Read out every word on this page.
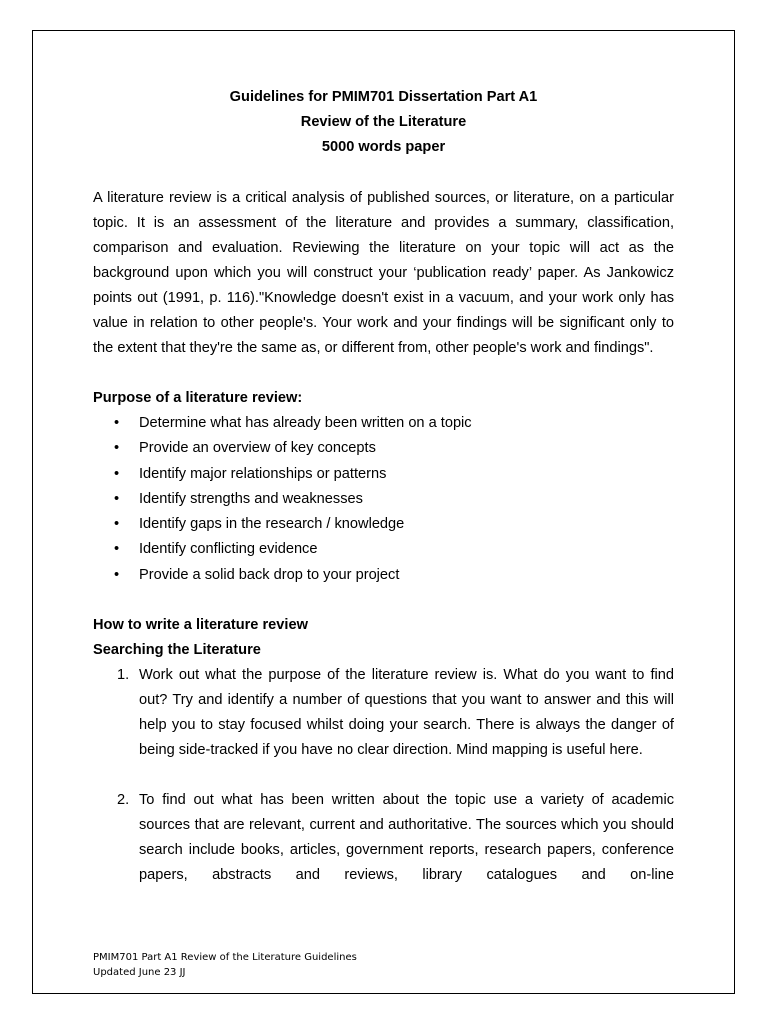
Guidelines for PMIM701 Dissertation Part A1
Review of the Literature
5000 words paper

A literature review is a critical analysis of published sources, or literature, on a particular topic. It is an assessment of the literature and provides a summary, classification, comparison and evaluation. Reviewing the literature on your topic will act as the background upon which you will construct your ‘publication ready’ paper. As Jankowicz points out (1991, p. 116)."Knowledge doesn't exist in a vacuum, and your work only has value in relation to other people's. Your work and your findings will be significant only to the extent that they're the same as, or different from, other people's work and findings".

Purpose of a literature review:
• Determine what has already been written on a topic
• Provide an overview of key concepts
• Identify major relationships or patterns
• Identify strengths and weaknesses
• Identify gaps in the research / knowledge
• Identify conflicting evidence
• Provide a solid back drop to your project
How to write a literature review
Searching the Literature
1. Work out what the purpose of the literature review is. What do you want to find out? Try and identify a number of questions that you want to answer and this will help you to stay focused whilst doing your search. There is always the danger of being side-tracked if you have no clear direction. Mind mapping is useful here.
2. To find out what has been written about the topic use a variety of academic sources that are relevant, current and authoritative. The sources which you should search include books, articles, government reports, research papers, conference papers, abstracts and reviews, library catalogues and on-line
PMIM701 Part A1 Review of the Literature Guidelines
Updated June 23 JJ
